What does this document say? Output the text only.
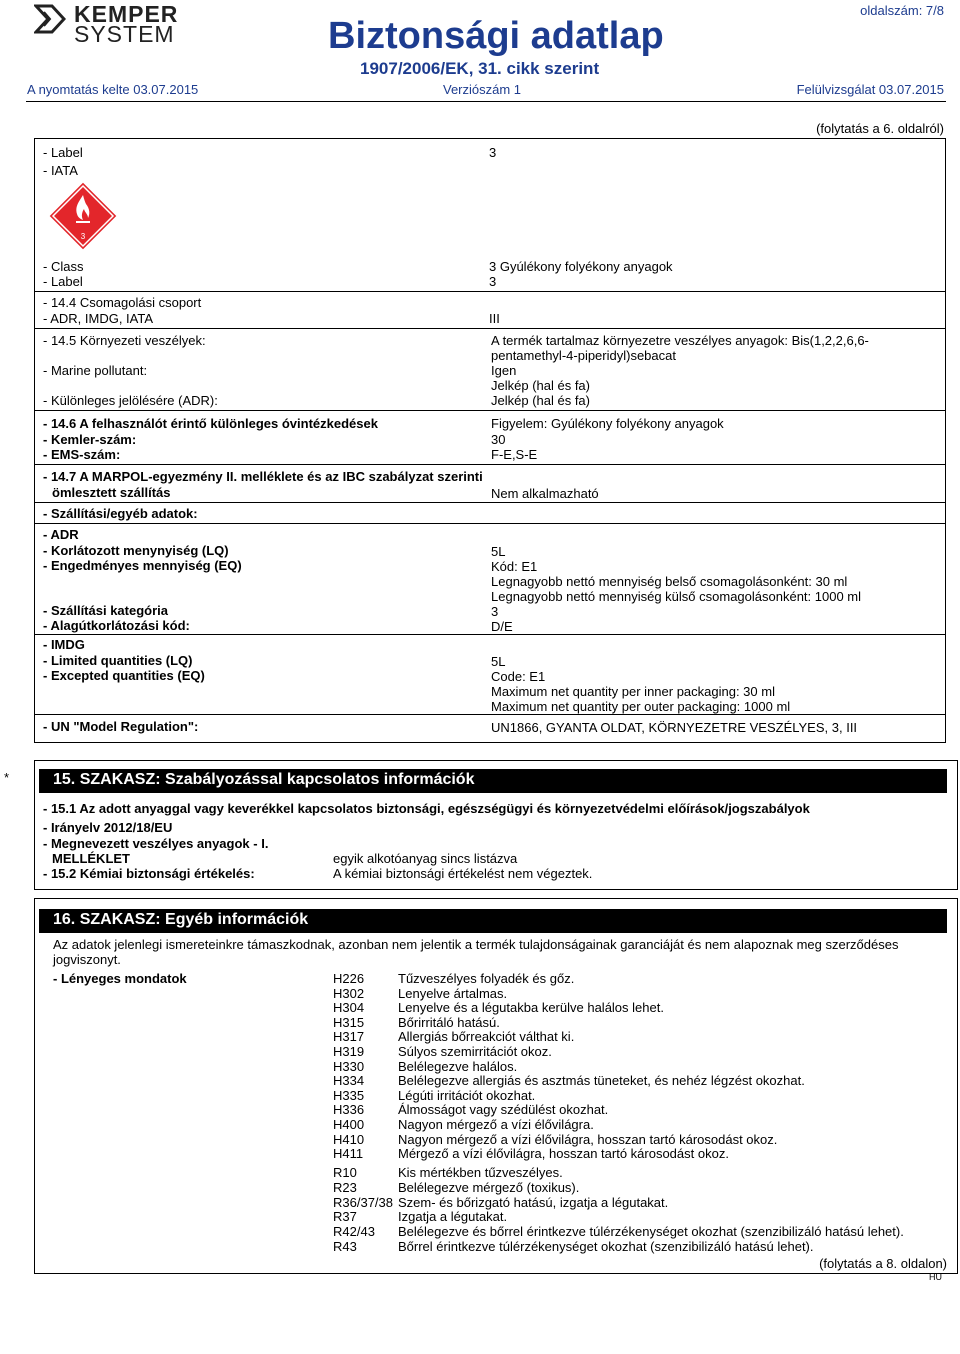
KEMPER
SYSTEM	Biztonsági adatlap
1907/2006/EK, 31. cikk szerint
oldalszám: 7/8
A nyomtatás kelte 03.07.2015	Verziószám 1	Felülvizsgálat 03.07.2015
(folytatás a 6. oldalról)
- Label	3
- IATA
3
- Class	3 Gyúlékony folyékony anyagok
- Label	3
- 14.4 Csomagolási csoport
- ADR, IMDG, IATA	III
- 14.5 Környezeti veszélyek:	A termék tartalmaz környezetre veszélyes anyagok: Bis(1,2,2,6,6-
pentamethyl-4-piperidyl)sebacat
- Marine pollutant:	Igen
Jelkép (hal és fa)
- Különleges jelölésére (ADR):	Jelkép (hal és fa)
- 14.6 A felhasználót érintő különleges óvintézkedések	Figyelem: Gyúlékony folyékony anyagok
- Kemler-szám:	30
- EMS-szám:	F-E,S-E
- 14.7 A MARPOL-egyezmény II. melléklete és az IBC szabályzat szerinti
ömlesztett szállítás	Nem alkalmazható
- Szállítási/egyéb adatok:
- ADR
- Korlátozott menynyiség (LQ)	5L
- Engedményes mennyiség (EQ)	Kód: E1
Legnagyobb nettó mennyiség belső csomagolásonként: 30 ml
Legnagyobb nettó mennyiség külső csomagolásonként: 1000 ml
- Szállítási kategória	3
- Alagútkorlátozási kód:	D/E
- IMDG
- Limited quantities (LQ)	5L
- Excepted quantities (EQ)	Code: E1
Maximum net quantity per inner packaging: 30 ml
Maximum net quantity per outer packaging: 1000 ml
- UN "Model Regulation":	UN1866, GYANTA OLDAT, KÖRNYEZETRE VESZÉLYES, 3, III
*	15. SZAKASZ: Szabályozással kapcsolatos információk
- 15.1 Az adott anyaggal vagy keverékkel kapcsolatos biztonsági, egészségügyi és környezetvédelmi előírások/jogszabályok
- Irányelv 2012/18/EU
- Megnevezett veszélyes anyagok - I.
MELLÉKLET	egyik alkotóanyag sincs listázva
- 15.2 Kémiai biztonsági értékelés:	A kémiai biztonsági értékelést nem végeztek.
16. SZAKASZ: Egyéb információk
Az adatok jelenlegi ismereteinkre támaszkodnak, azonban nem jelentik a termék tulajdonságainak garanciáját és nem alapoznak meg szerződéses
jogviszonyt.
- Lényeges mondatok	H226	Tűzveszélyes folyadék és gőz.
H302	Lenyelve ártalmas.
H304	Lenyelve és a légutakba kerülve halálos lehet.
H315	Bőrirritáló hatású.
H317	Allergiás bőrreakciót válthat ki.
H319	Súlyos szemirritációt okoz.
H330	Belélegezve halálos.
H334	Belélegezve allergiás és asztmás tüneteket, és nehéz légzést okozhat.
H335	Légúti irritációt okozhat.
H336	Álmosságot vagy szédülést okozhat.
H400	Nagyon mérgező a vízi élővilágra.
H410	Nagyon mérgező a vízi élővilágra, hosszan tartó károsodást okoz.
H411	Mérgező a vízi élővilágra, hosszan tartó károsodást okoz.
R10	Kis mértékben tűzveszélyes.
R23	Belélegezve mérgező (toxikus).
R36/37/38 Szem- és bőrizgató hatású, izgatja a légutakat.
R37	Izgatja a légutakat.
R42/43 Belélegezve és bőrrel érintkezve túlérzékenységet okozhat (szenzibilizáló hatású lehet).
R43	Bőrrel érintkezve túlérzékenységet okozhat (szenzibilizáló hatású lehet).
(folytatás a 8. oldalon)
HU
